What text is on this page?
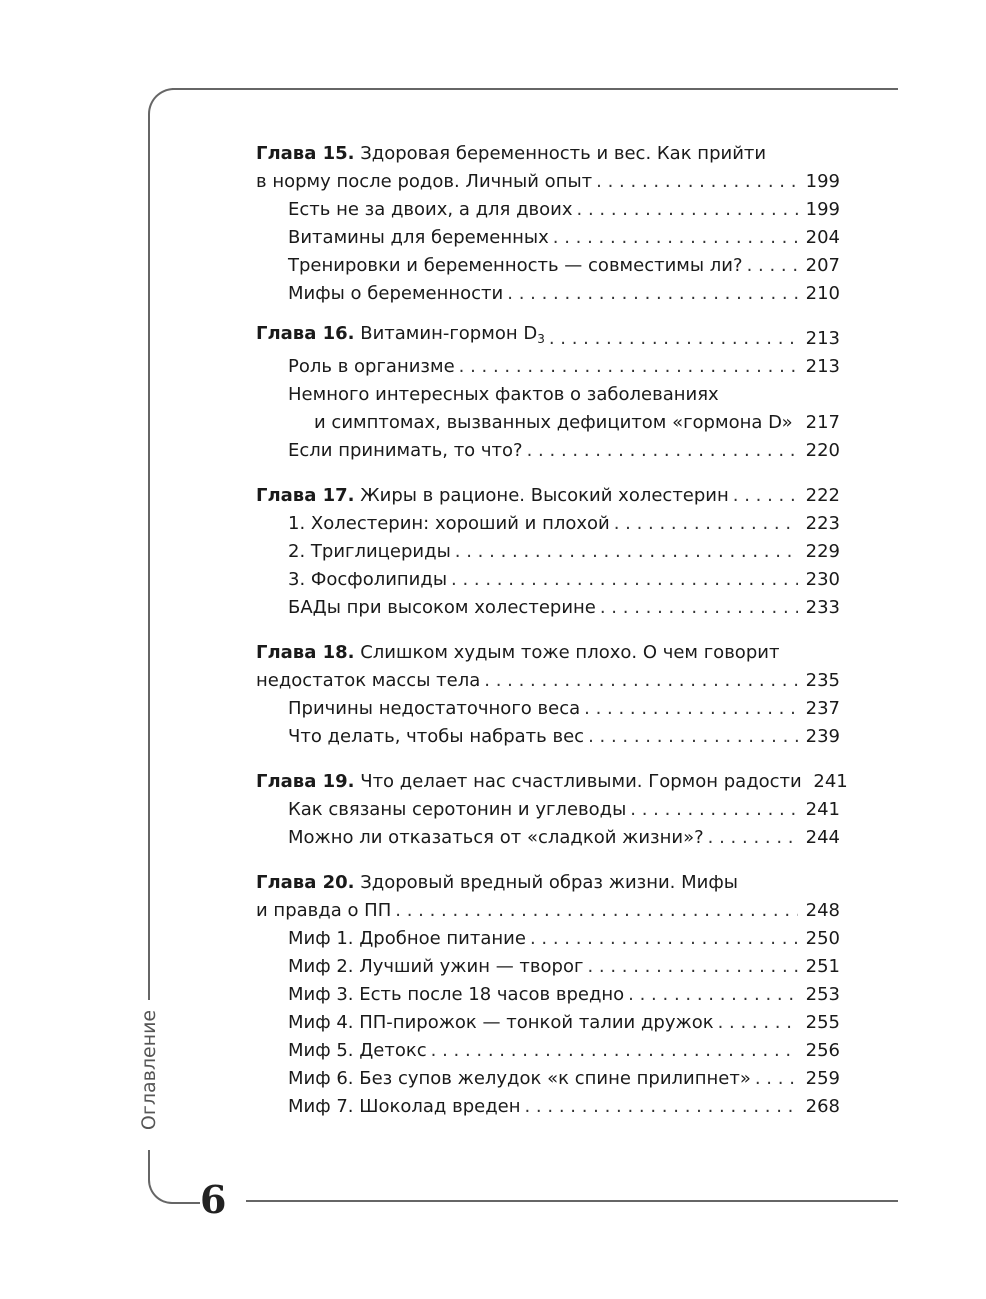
Оглавление
6
Глава 15. Здоровая беременность и вес. Как прийти
в норму после родов. Личный опыт . . .	199
Есть не за двоих, а для двоих . . .	199
Витамины для беременных . . .	204
Тренировки и беременность — совместимы ли? . . .	207
Мифы о беременности . . .	210
Глава 16. Витамин-гормон $D_3$ . . .	213
Роль в организме . . .	213
Немного интересных фактов о заболеваниях
и симптомах, вызванных дефицитом «гормона D» . . . 217
Если принимать, то что? . . .	220
Глава 17. Жиры в рационе. Высокий холестерин . . .	222
1. Холестерин: хороший и плохой . . .	223
2. Триглицериды . . .	229
3. Фосфолипиды . . .	230
БАДы при высоком холестерине . . .	233
Глава 18. Слишком худым тоже плохо. О чем говорит
недостаток массы тела . . .	235
Причины недостаточного веса . . .	237
Что делать, чтобы набрать вес . . .	239
Глава 19. Что делает нас счастливыми. Гормон радости 241
Как связаны серотонин и углеводы . . .	241
Можно ли отказаться от «сладкой жизни»? . . .	244
Глава 20. Здоровый вредный образ жизни. Мифы
и правда о ПП . . .	248
Миф 1. Дробное питание . . .	250
Миф 2. Лучший ужин — творог . . .	251
Миф 3. Есть после 18 часов вредно . . .	253
Миф 4. ПП-пирожок — тонкой талии дружок . . .	255
Миф 5. Детокс . . .	256
Миф 6. Без супов желудок «к спине прилипнет» . . .	259
Миф 7. Шоколад вреден . . .	268
